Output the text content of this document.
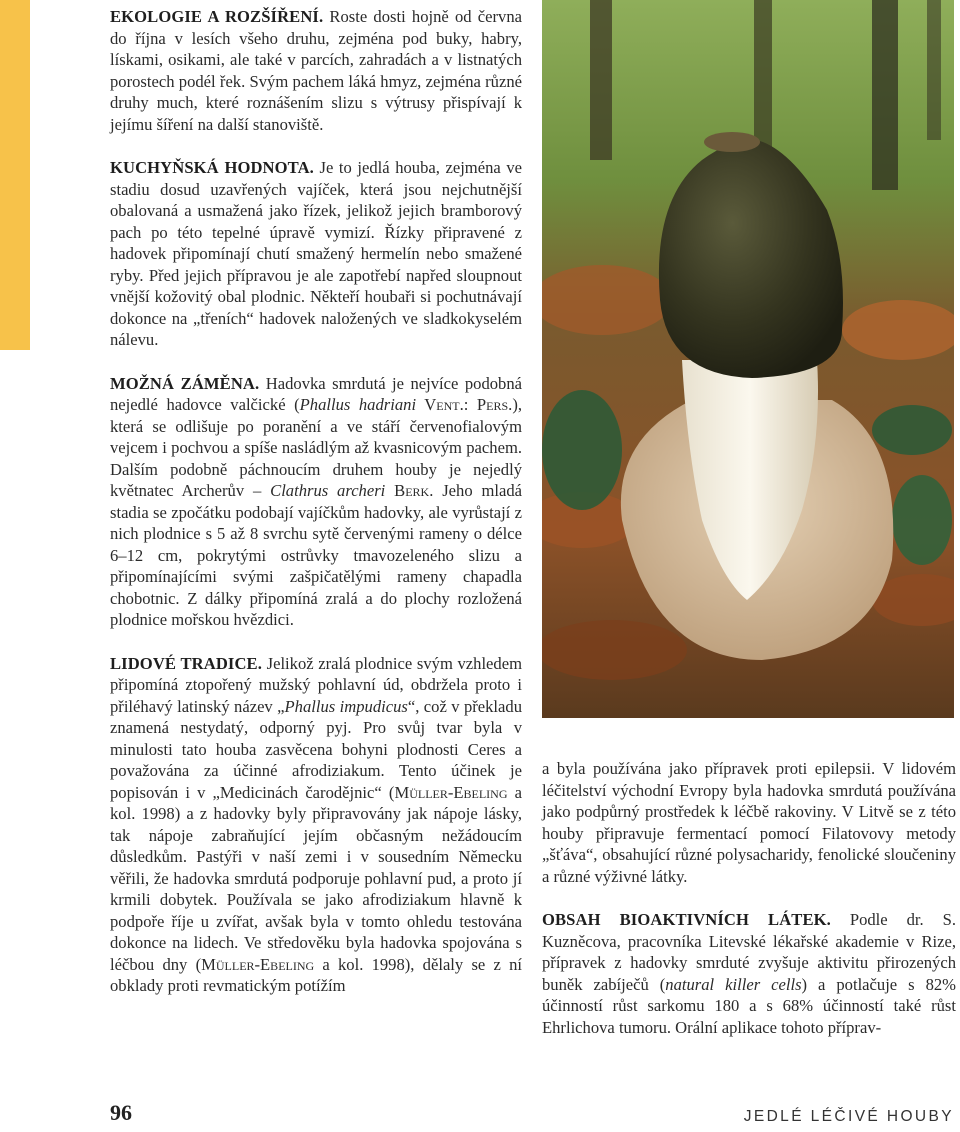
EKOLOGIE A ROZŠÍŘENÍ. Roste dosti hojně od června do října v lesích všeho druhu, zejména pod buky, habry, lískami, osikami, ale také v parcích, zahradách a v listnatých porostech podél řek. Svým pachem láká hmyz, zejména různé druhy much, které roznášením slizu s výtrusy přispívají k jejímu šíření na další stanoviště.

KUCHYŇSKÁ HODNOTA. Je to jedlá houba, zejména ve stadiu dosud uzavřených vajíček, která jsou nejchutnější obalovaná a usmažená jako řízek, jelikož jejich bramborový pach po této tepelné úpravě vymizí. Řízky připravené z hadovek připomínají chutí smažený hermelín nebo smažené ryby. Před jejich přípravou je ale zapotřebí napřed sloupnout vnější kožovitý obal plodnic. Někteří houbaři si pochutnávají dokonce na „třeních“ hadovek naložených ve sladkokyselém nálevu.

MOŽNÁ ZÁMĚNA. Hadovka smrdutá je nejvíce podobná nejedlé hadovce valčické (Phallus hadriani Vent.: Pers.), která se odlišuje po poranění a ve stáří červenofialovým vejcem i pochvou a spíše nasládlým až kvasnicovým pachem. Dalším podobně páchnoucím druhem houby je nejedlý květnatec Archerův – Clathrus archeri Berk. Jeho mladá stadia se zpočátku podobají vajíčkům hadovky, ale vyrůstají z nich plodnice s 5 až 8 svrchu sytě červenými rameny o délce 6–12 cm, pokrytými ostrůvky tmavozeleného slizu a připomínajícími svými zašpičatělými rameny chapadla chobotnic. Z dálky připomíná zralá a do plochy rozložená plodnice mořskou hvězdici.

LIDOVÉ TRADICE. Jelikož zralá plodnice svým vzhledem připomíná ztopořený mužský pohlavní úd, obdržela proto i přiléhavý latinský název „Phallus impudicus“, což v překladu znamená nestydatý, odporný pyj. Pro svůj tvar byla v minulosti tato houba zasvěcena bohyni plodnosti Ceres a považována za účinné afrodiziakum. Tento účinek je popisován i v „Medicinách čarodějnic“ (Müller-Ebeling a kol. 1998) a z hadovky byly připravovány jak nápoje lásky, tak nápoje zabraňující jejím občasným nežádoucím důsledkům. Pastýři v naší zemi i v sousedním Německu věřili, že hadovka smrdutá podporuje pohlavní pud, a proto jí krmili dobytek. Používala se jako afrodiziakum hlavně k podpoře říje u zvířat, avšak byla v tomto ohledu testována dokonce na lidech. Ve středověku byla hadovka spojována s léčbou dny (Müller-Ebeling a kol. 1998), dělaly se z ní obklady proti revmatickým potížím

a byla používána jako přípravek proti epilepsii. V lidovém léčitelství východní Evropy byla hadovka smrdutá používána jako podpůrný prostředek k léčbě rakoviny. V Litvě se z této houby připravuje fermentací pomocí Filatovovy metody „šťáva“, obsahující různé polysacharidy, fenolické sloučeniny a různé výživné látky.

OBSAH BIOAKTIVNÍCH LÁTEK. Podle dr. S. Kuzněcova, pracovníka Litevské lékařské akademie v Rize, přípravek z hadovky smrduté zvyšuje aktivitu přirozených buněk zabíječů (natural killer cells) a potlačuje s 82% účinností růst sarkomu 180 a s 68% účinností také růst Ehrlichova tumoru. Orální aplikace tohoto příprav-

96	JEDLÉ LÉČIVÉ HOUBY
